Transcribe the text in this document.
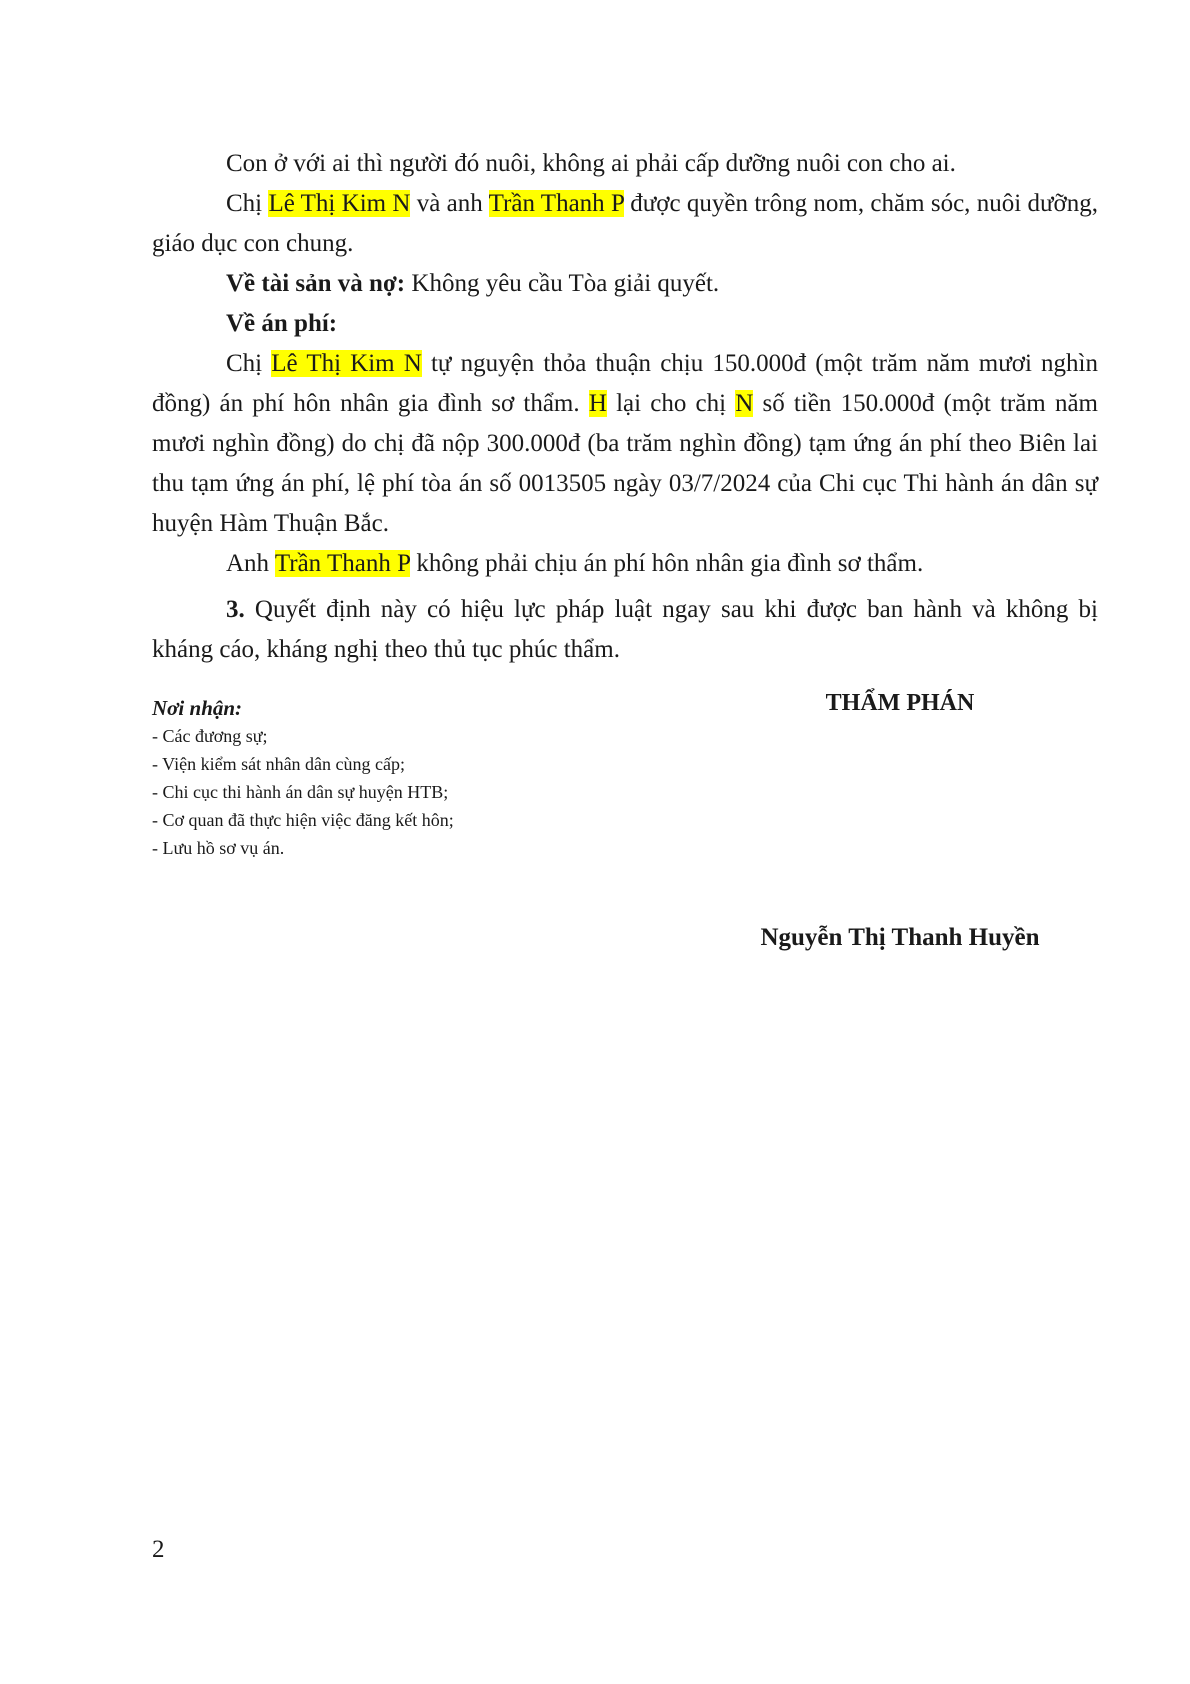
Con ở với ai thì người đó nuôi, không ai phải cấp dưỡng nuôi con cho ai.

Chị Lê Thị Kim N và anh Trần Thanh P được quyền trông nom, chăm sóc, nuôi dưỡng, giáo dục con chung.

Về tài sản và nợ: Không yêu cầu Tòa giải quyết.

Về án phí:

Chị Lê Thị Kim N tự nguyện thỏa thuận chịu 150.000đ (một trăm năm mươi nghìn đồng) án phí hôn nhân gia đình sơ thẩm. H lại cho chị N số tiền 150.000đ (một trăm năm mươi nghìn đồng) do chị đã nộp 300.000đ (ba trăm nghìn đồng) tạm ứng án phí theo Biên lai thu tạm ứng án phí, lệ phí tòa án số 0013505 ngày 03/7/2024 của Chi cục Thi hành án dân sự huyện Hàm Thuận Bắc.

Anh Trần Thanh P không phải chịu án phí hôn nhân gia đình sơ thẩm.

3. Quyết định này có hiệu lực pháp luật ngay sau khi được ban hành và không bị kháng cáo, kháng nghị theo thủ tục phúc thẩm.

Nơi nhận:
- Các đương sự;
- Viện kiểm sát nhân dân cùng cấp;
- Chi cục thi hành án dân sự huyện HTB;
- Cơ quan đã thực hiện việc đăng kết hôn;
- Lưu hồ sơ vụ án.
THẨM PHÁN
Nguyễn Thị Thanh Huyền
2
